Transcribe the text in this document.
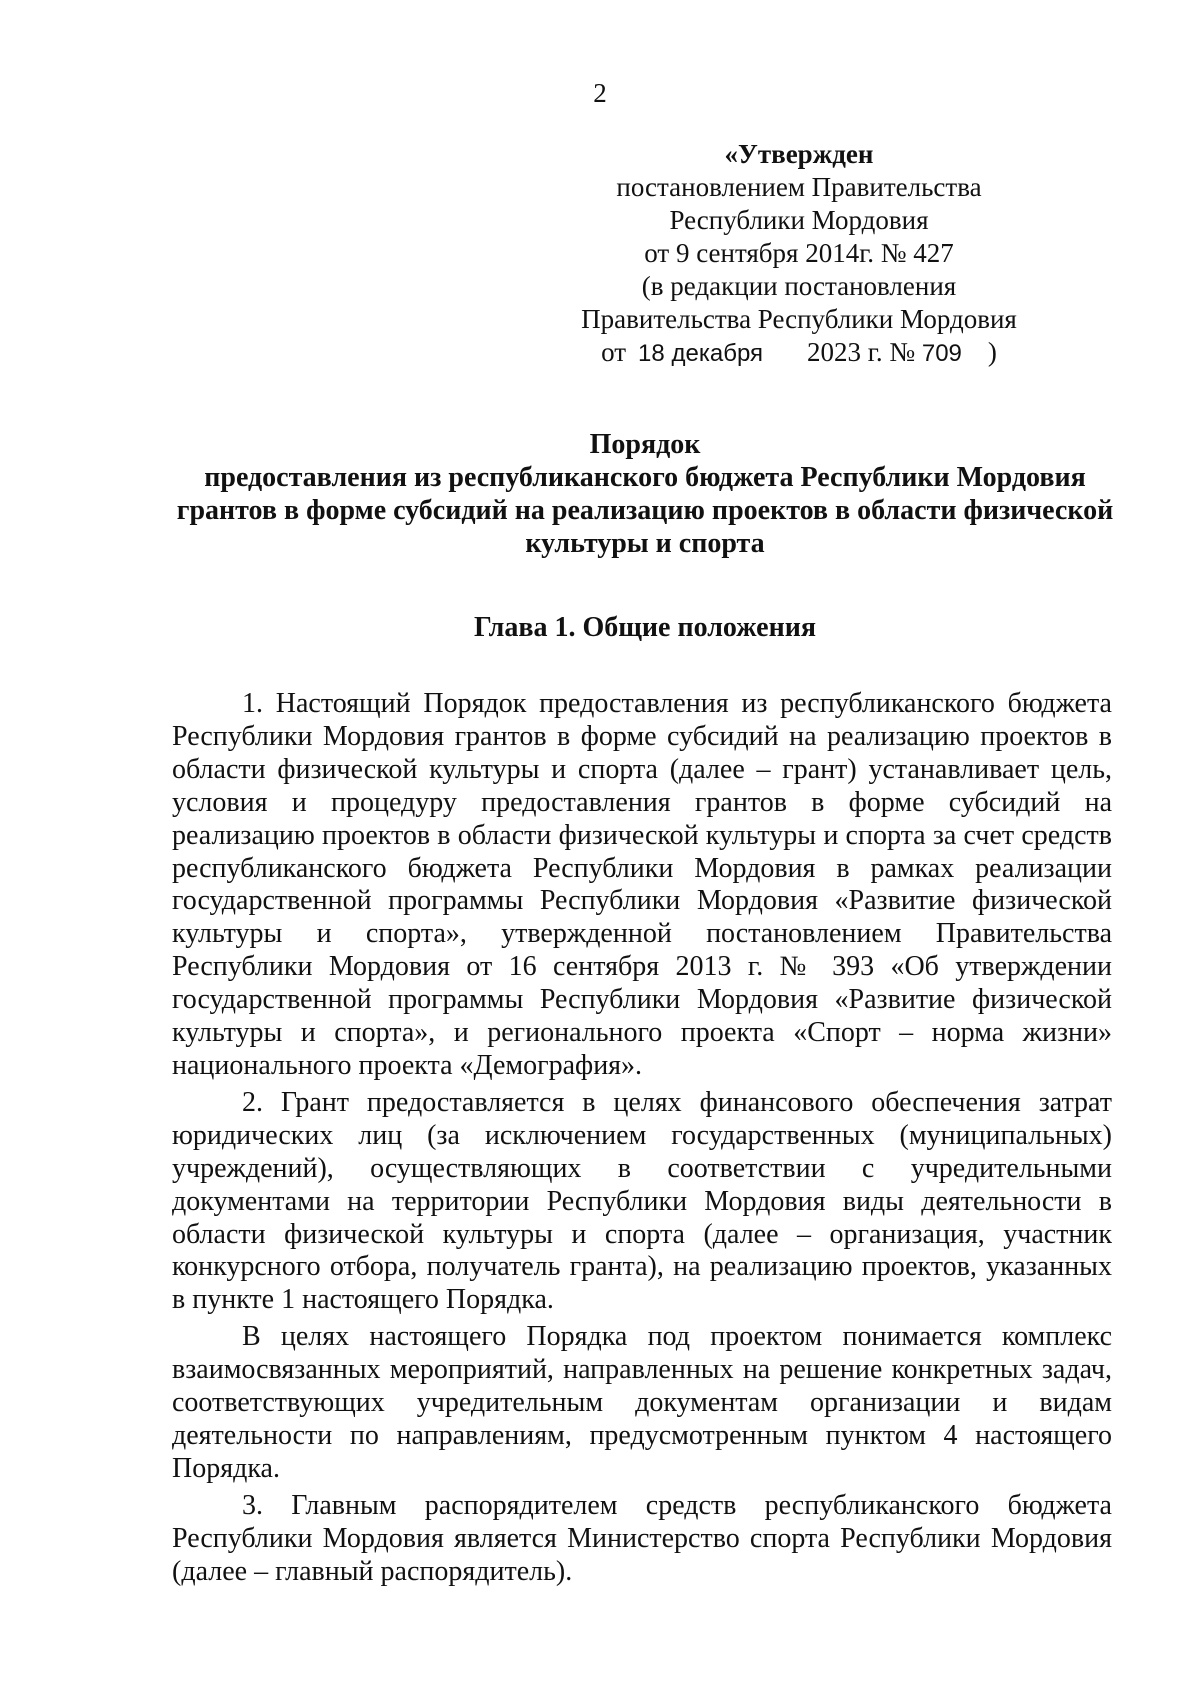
2
«Утвержден
постановлением Правительства
Республики Мордовия
от 9 сентября 2014г. № 427
(в редакции постановления
Правительства Республики Мордовия
от 18 декабря 2023 г. № 709 )
Порядок
предоставления из республиканского бюджета Республики Мордовия
грантов в форме субсидий на реализацию проектов в области физической
культуры и спорта
Глава 1. Общие положения

1. Настоящий Порядок предоставления из республиканского бюджета Республики Мордовия грантов в форме субсидий на реализацию проектов в области физической культуры и спорта (далее – грант) устанавливает цель, условия и процедуру предоставления грантов в форме субсидий на реализацию проектов в области физической культуры и спорта за счет средств республиканского бюджета Республики Мордовия в рамках реализации государственной программы Республики Мордовия «Развитие физической культуры и спорта», утвержденной постановлением Правительства Республики Мордовия от 16 сентября 2013 г. № 393 «Об утверждении государственной программы Республики Мордовия «Развитие физической культуры и спорта», и регионального проекта «Спорт – норма жизни» национального проекта «Демография».

2. Грант предоставляется в целях финансового обеспечения затрат юридических лиц (за исключением государственных (муниципальных) учреждений), осуществляющих в соответствии с учредительными документами на территории Республики Мордовия виды деятельности в области физической культуры и спорта (далее – организация, участник конкурсного отбора, получатель гранта), на реализацию проектов, указанных в пункте 1 настоящего Порядка.

В целях настоящего Порядка под проектом понимается комплекс взаимосвязанных мероприятий, направленных на решение конкретных задач, соответствующих учредительным документам организации и видам деятельности по направлениям, предусмотренным пунктом 4 настоящего Порядка.

3. Главным распорядителем средств республиканского бюджета Республики Мордовия является Министерство спорта Республики Мордовия (далее – главный распорядитель).
